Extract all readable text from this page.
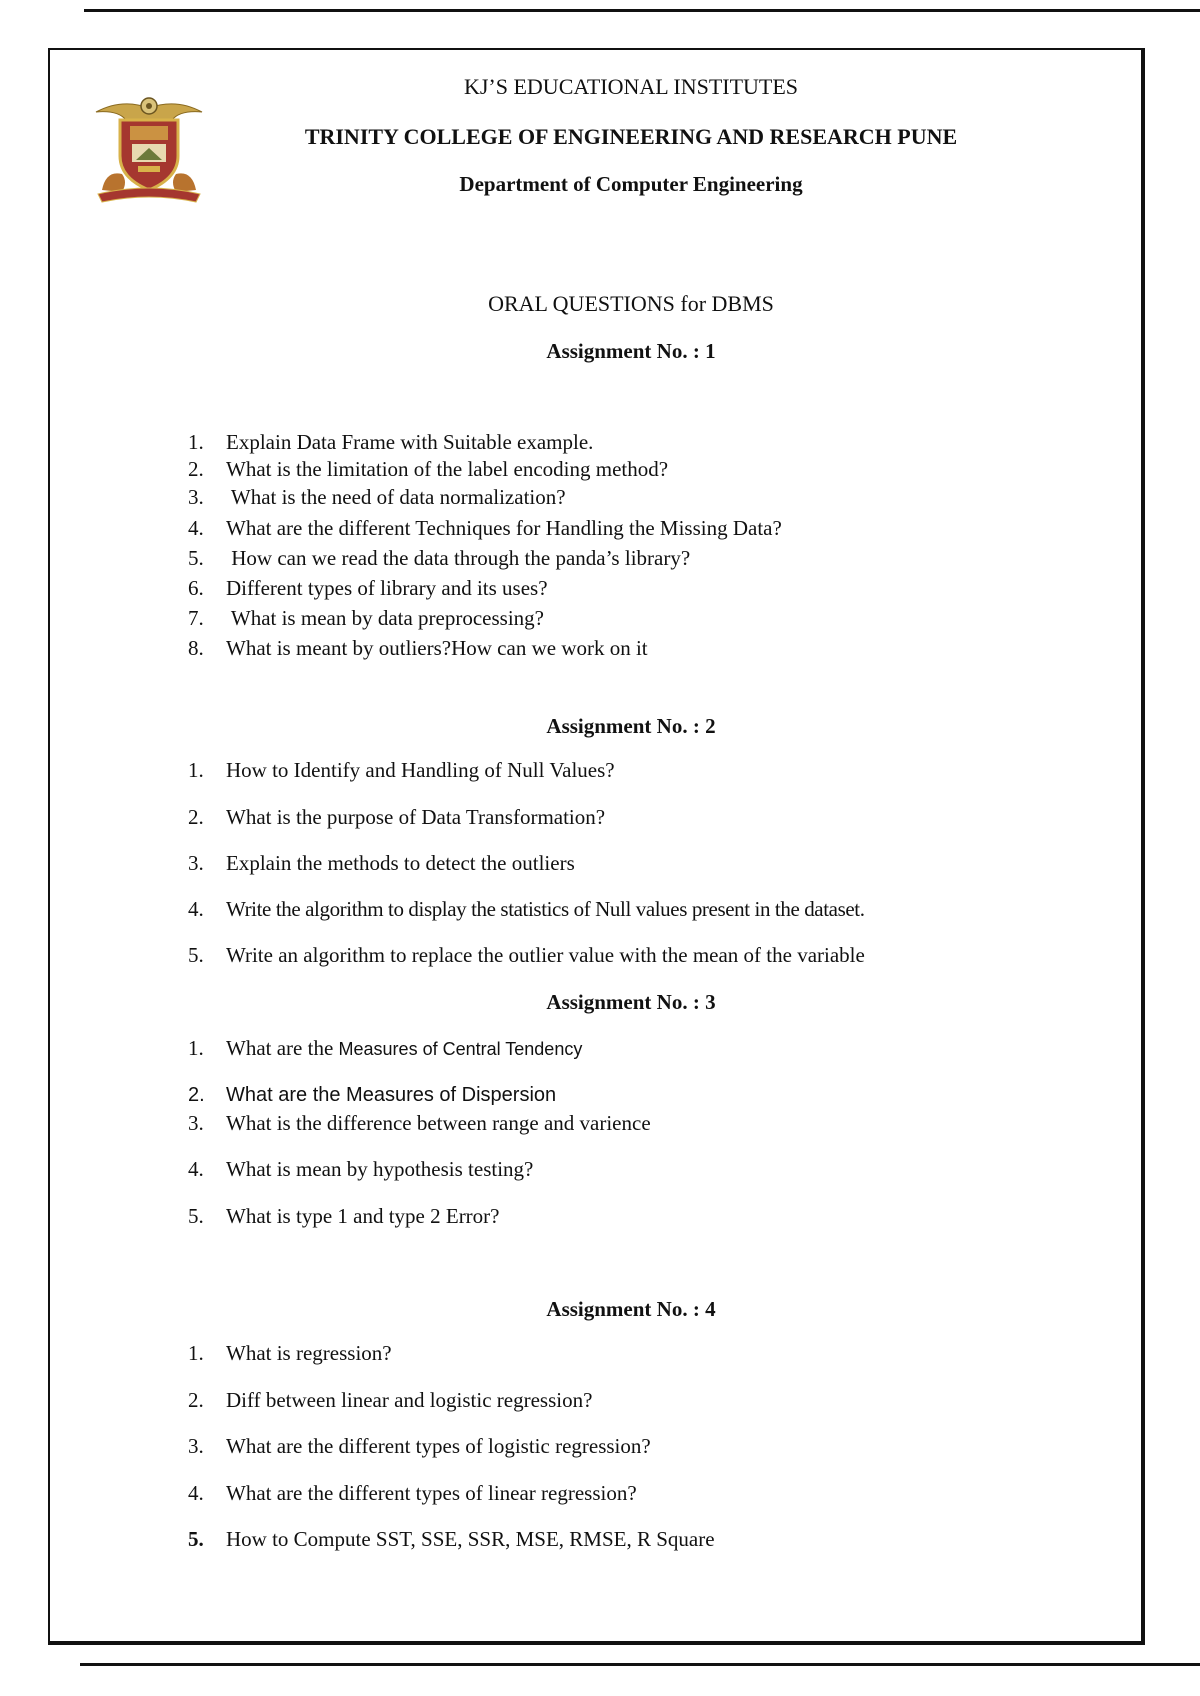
KJ’S EDUCATIONAL INSTITUTES
TRINITY COLLEGE OF ENGINEERING AND RESEARCH PUNE
Department of Computer Engineering
ORAL QUESTIONS for DBMS
Assignment No. : 1
1. Explain Data Frame with Suitable example.
2. What is the limitation of the label encoding method?
3. What is the need of data normalization?
4. What are the different Techniques for Handling the Missing Data?
5. How can we read the data through the panda’s library?
6. Different types of library and its uses?
7. What is mean by data preprocessing?
8. What is meant by outliers?How can we work on it
Assignment No. : 2
1. How to Identify and Handling of Null Values?
2. What is the purpose of Data Transformation?
3. Explain the methods to detect the outliers
4. Write the algorithm to display the statistics of Null values present in the dataset.
5. Write an algorithm to replace the outlier value with the mean of the variable
Assignment No. : 3
1. What are the Measures of Central Tendency
2. What are the Measures of Dispersion
3. What is the difference between range and varience
4. What is mean by hypothesis testing?
5. What is type 1 and type 2 Error?
Assignment No. : 4
1. What is regression?
2. Diff between linear and logistic regression?
3. What are the different types of logistic regression?
4. What are the different types of linear regression?
5. How to Compute SST, SSE, SSR, MSE, RMSE, R Square
